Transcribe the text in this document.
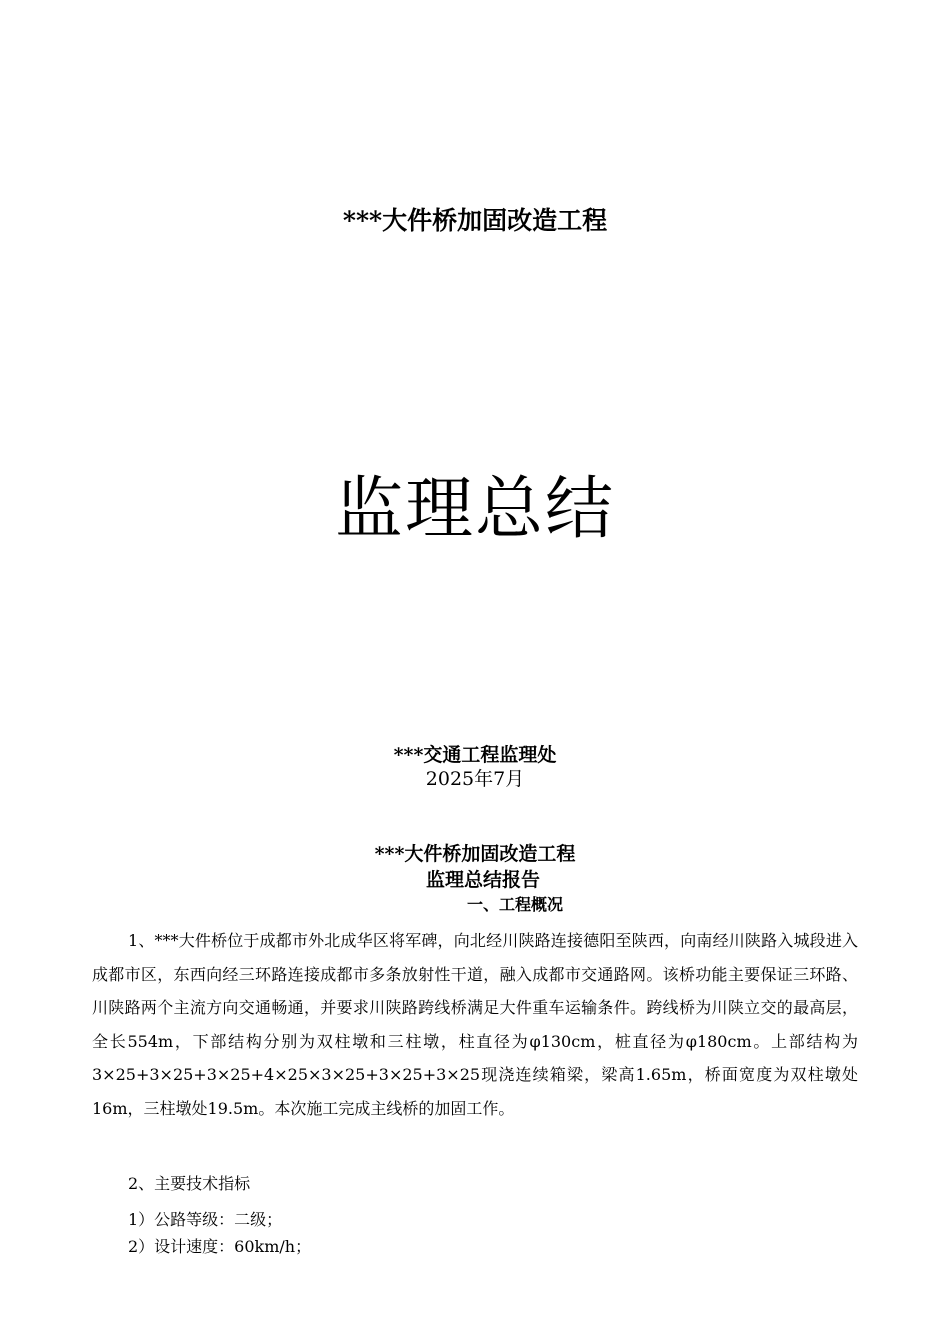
***大件桥加固改造工程
监理总结
***交通工程监理处
2025年7月
***大件桥加固改造工程
监理总结报告
一、工程概况

1、***大件桥位于成都市外北成华区将军碑，向北经川陕路连接德阳至陕西，向南经川陕路入城段进入成都市区，东西向经三环路连接成都市多条放射性干道，融入成都市交通路网。该桥功能主要保证三环路、川陕路两个主流方向交通畅通，并要求川陕路跨线桥满足大件重车运输条件。跨线桥为川陕立交的最高层，全长554m，下部结构分别为双柱墩和三柱墩，柱直径为φ130cm，桩直径为φ180cm。上部结构为3×25+3×25+3×25+4×25×3×25+3×25+3×25现浇连续箱梁，梁高1.65m，桥面宽度为双柱墩处16m，三柱墩处19.5m。本次施工完成主线桥的加固工作。

2、主要技术指标
1）公路等级：二级；
2）设计速度：60km/h；
